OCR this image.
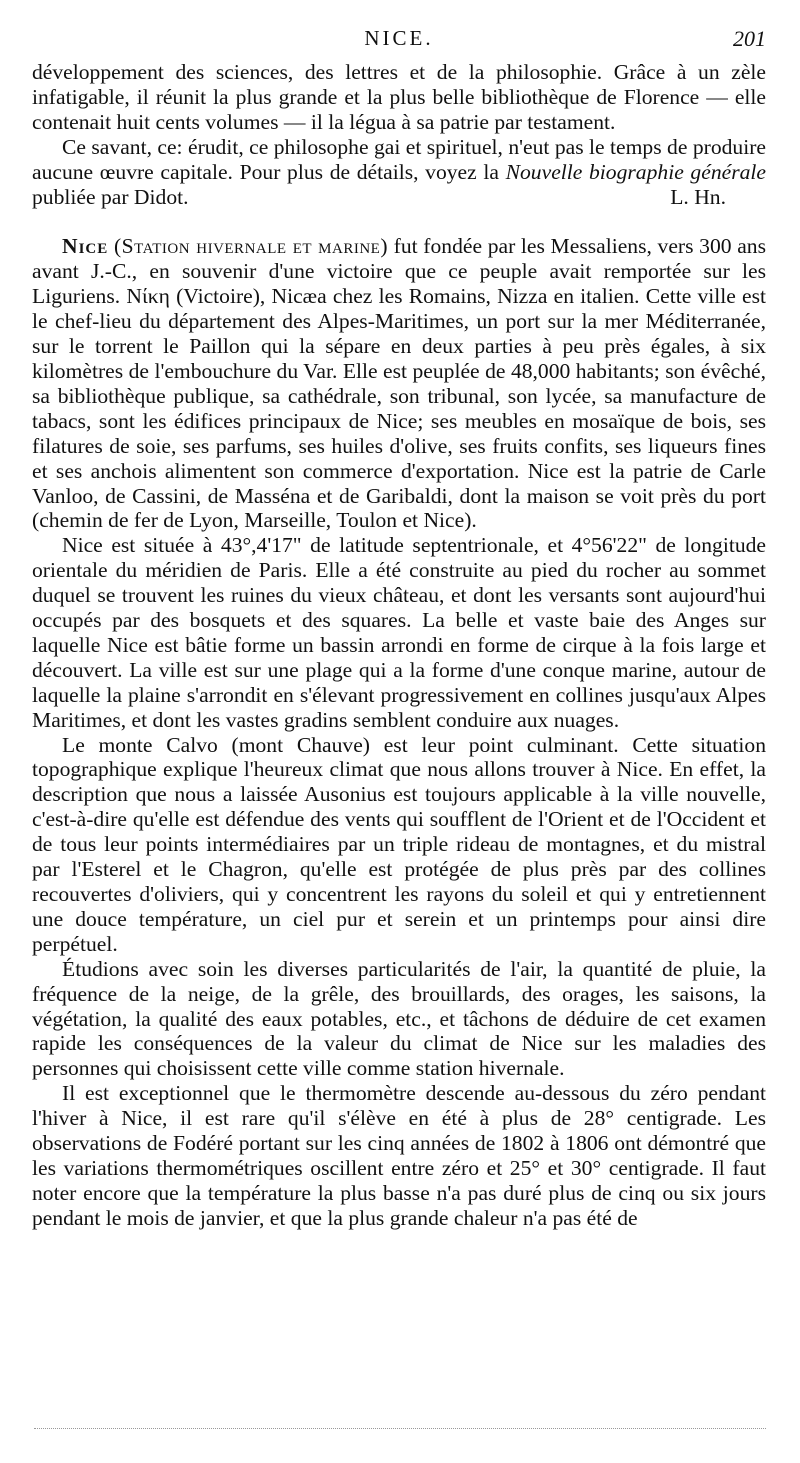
NICE.	201

développement des sciences, des lettres et de la philosophie. Grâce à un zèle infatigable, il réunit la plus grande et la plus belle bibliothèque de Florence — elle contenait huit cents volumes — il la légua à sa patrie par testament.

Ce savant, ce: érudit, ce philosophe gai et spirituel, n'eut pas le temps de produire aucune œuvre capitale. Pour plus de détails, voyez la Nouvelle biographie générale publiée par Didot.	L. Hn.

Nice (Station hivernale et marine) fut fondée par les Messaliens, vers 300 ans avant J.-C., en souvenir d'une victoire que ce peuple avait remportée sur les Liguriens. Nίκη (Victoire), Nicæa chez les Romains, Nizza en italien. Cette ville est le chef-lieu du département des Alpes-Maritimes, un port sur la mer Méditerranée, sur le torrent le Paillon qui la sépare en deux parties à peu près égales, à six kilomètres de l'embouchure du Var. Elle est peuplée de 48,000 habitants; son évêché, sa bibliothèque publique, sa cathédrale, son tribunal, son lycée, sa manufacture de tabacs, sont les édifices principaux de Nice; ses meubles en mosaïque de bois, ses filatures de soie, ses parfums, ses huiles d'olive, ses fruits confits, ses liqueurs fines et ses anchois alimentent son commerce d'exportation. Nice est la patrie de Carle Vanloo, de Cassini, de Masséna et de Garibaldi, dont la maison se voit près du port (chemin de fer de Lyon, Marseille, Toulon et Nice).

Nice est située à 43°,4'17" de latitude septentrionale, et 4°56'22" de longitude orientale du méridien de Paris. Elle a été construite au pied du rocher au sommet duquel se trouvent les ruines du vieux château, et dont les versants sont aujourd'hui occupés par des bosquets et des squares. La belle et vaste baie des Anges sur laquelle Nice est bâtie forme un bassin arrondi en forme de cirque à la fois large et découvert. La ville est sur une plage qui a la forme d'une conque marine, autour de laquelle la plaine s'arrondit en s'élevant progressivement en collines jusqu'aux Alpes Maritimes, et dont les vastes gradins semblent conduire aux nuages.

Le monte Calvo (mont Chauve) est leur point culminant. Cette situation topographique explique l'heureux climat que nous allons trouver à Nice. En effet, la description que nous a laissée Ausonius est toujours applicable à la ville nouvelle, c'est-à-dire qu'elle est défendue des vents qui soufflent de l'Orient et de l'Occident et de tous leur points intermédiaires par un triple rideau de montagnes, et du mistral par l'Esterel et le Chagron, qu'elle est protégée de plus près par des collines recouvertes d'oliviers, qui y concentrent les rayons du soleil et qui y entretiennent une douce température, un ciel pur et serein et un printemps pour ainsi dire perpétuel.

Étudions avec soin les diverses particularités de l'air, la quantité de pluie, la fréquence de la neige, de la grêle, des brouillards, des orages, les saisons, la végétation, la qualité des eaux potables, etc., et tâchons de déduire de cet examen rapide les conséquences de la valeur du climat de Nice sur les maladies des personnes qui choisissent cette ville comme station hivernale.

Il est exceptionnel que le thermomètre descende au-dessous du zéro pendant l'hiver à Nice, il est rare qu'il s'élève en été à plus de 28° centigrade. Les observations de Fodéré portant sur les cinq années de 1802 à 1806 ont démontré que les variations thermométriques oscillent entre zéro et 25° et 30° centigrade. Il faut noter encore que la température la plus basse n'a pas duré plus de cinq ou six jours pendant le mois de janvier, et que la plus grande chaleur n'a pas été de
